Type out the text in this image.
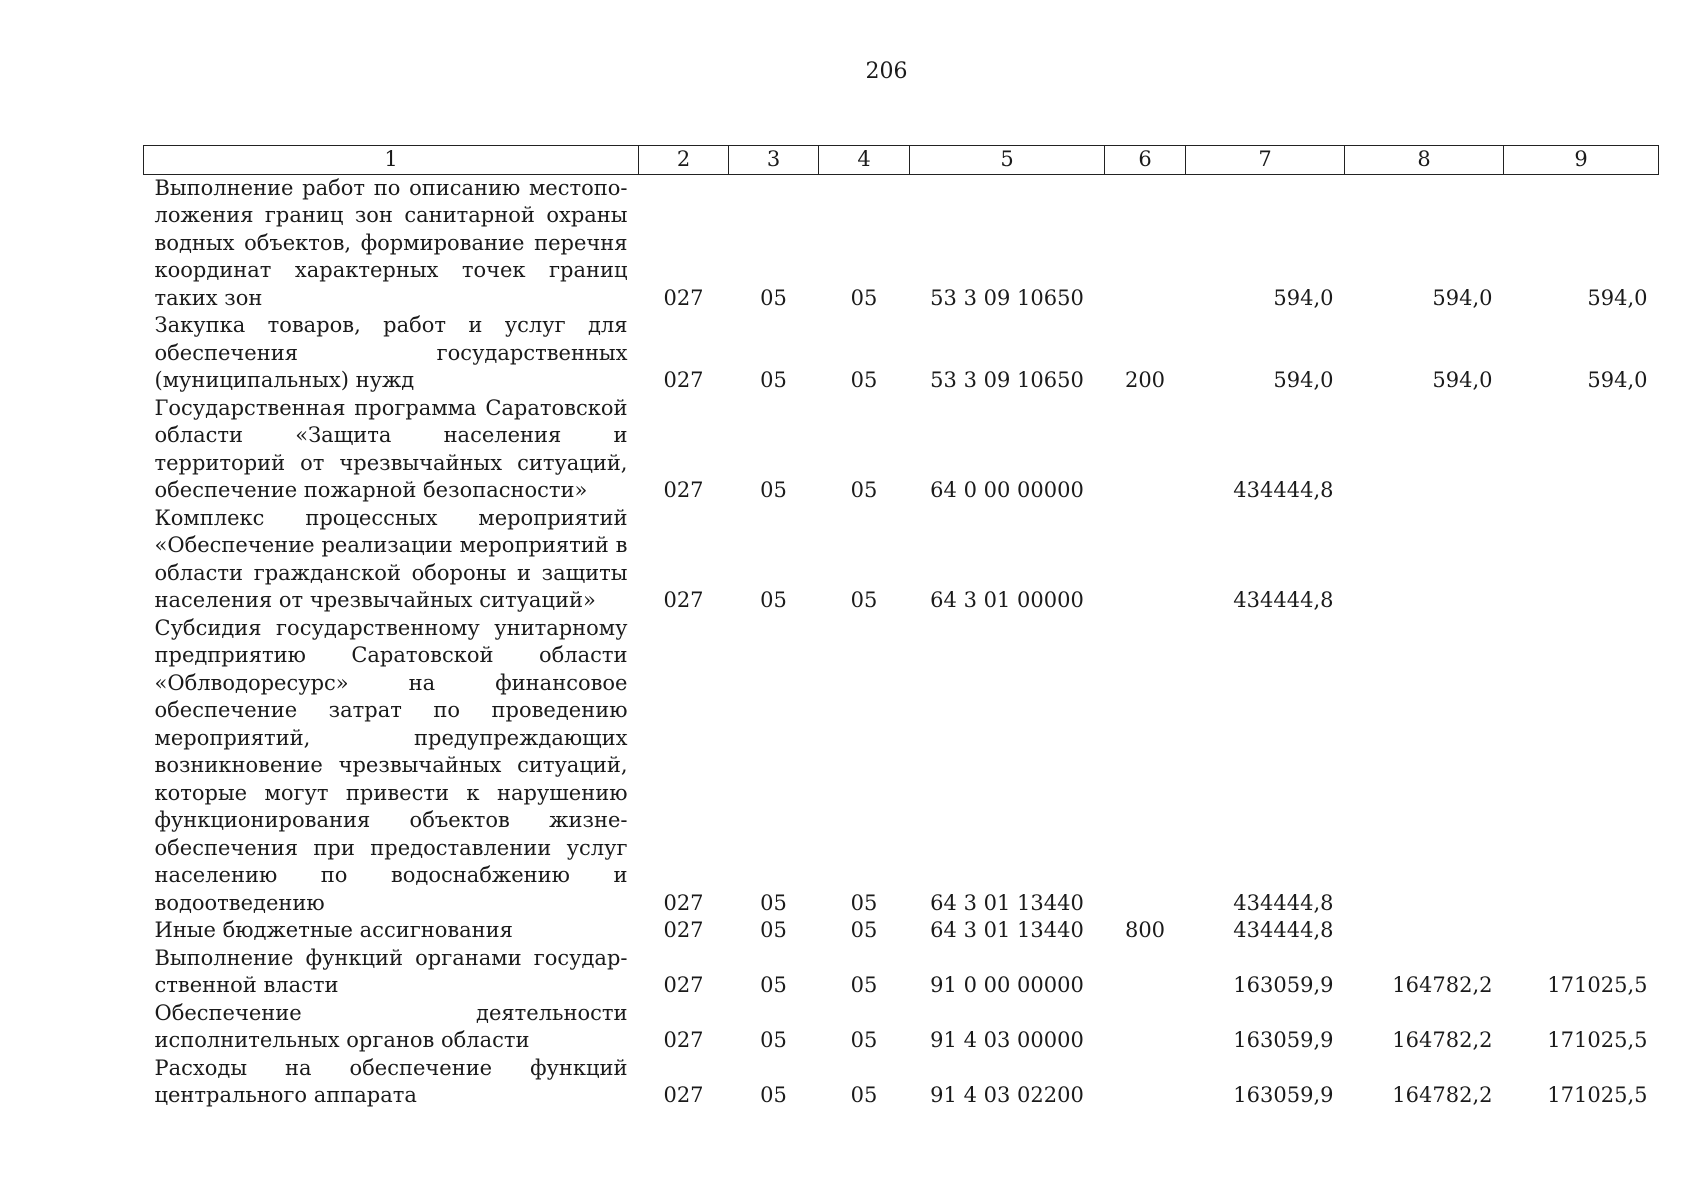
206
1	2	3	4	5	6	7	8	9
Выполнение работ по описанию местоположения границ зон санитарной охраны водных объектов, формирование перечня координат характерных точек границ таких зон	027	05	05	53 3 09 10650		594,0	594,0	594,0
Закупка товаров, работ и услуг для обеспечения государственных (муниципальных) нужд	027	05	05	53 3 09 10650	200	594,0	594,0	594,0
Государственная программа Саратовской области «Защита населения и территорий от чрезвычайных ситуаций, обеспечение пожарной безопасности»	027	05	05	64 0 00 00000		434444,8		
Комплекс процессных мероприятий «Обеспечение реализации мероприятий в области гражданской обороны и защиты населения от чрезвычайных ситуаций»	027	05	05	64 3 01 00000		434444,8		
Субсидия государственному унитарному предприятию Саратовской области «Облводоресурс» на финансовое обеспечение затрат по проведению мероприятий, предупреждающих возникновение чрезвычайных ситуаций, которые могут привести к нарушению функционирования объектов жизнеобеспечения при предоставлении услуг населению по водоснабжению и водоотведению	027	05	05	64 3 01 13440		434444,8		
Иные бюджетные ассигнования	027	05	05	64 3 01 13440	800	434444,8		
Выполнение функций органами государственной власти	027	05	05	91 0 00 00000		163059,9	164782,2	171025,5
Обеспечение деятельности исполнительных органов области	027	05	05	91 4 03 00000		163059,9	164782,2	171025,5
Расходы на обеспечение функций центрального аппарата	027	05	05	91 4 03 02200		163059,9	164782,2	171025,5
